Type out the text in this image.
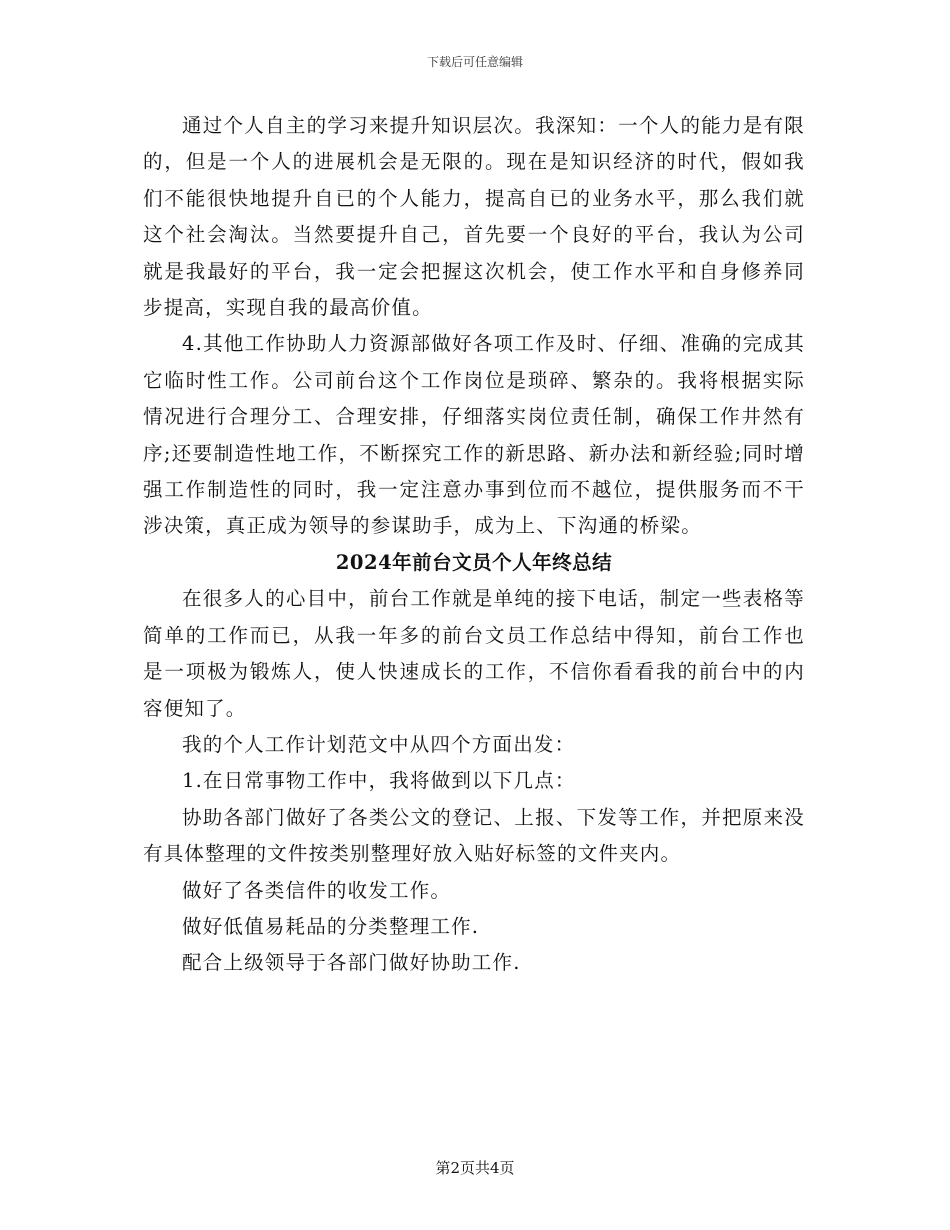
下载后可任意编辑

通过个人自主的学习来提升知识层次。我深知：一个人的能力是有限的，但是一个人的进展机会是无限的。现在是知识经济的时代，假如我们不能很快地提升自已的个人能力，提高自已的业务水平，那么我们就这个社会淘汰。当然要提升自己，首先要一个良好的平台，我认为公司就是我最好的平台，我一定会把握这次机会，使工作水平和自身修养同步提高，实现自我的最高价值。

4.其他工作协助人力资源部做好各项工作及时、仔细、准确的完成其它临时性工作。公司前台这个工作岗位是琐碎、繁杂的。我将根据实际情况进行合理分工、合理安排，仔细落实岗位责任制，确保工作井然有序;还要制造性地工作，不断探究工作的新思路、新办法和新经验;同时增强工作制造性的同时，我一定注意办事到位而不越位，提供服务而不干涉决策，真正成为领导的参谋助手，成为上、下沟通的桥梁。

2024年前台文员个人年终总结

在很多人的心目中，前台工作就是单纯的接下电话，制定一些表格等简单的工作而已，从我一年多的前台文员工作总结中得知，前台工作也是一项极为锻炼人，使人快速成长的工作，不信你看看我的前台中的内容便知了。

我的个人工作计划范文中从四个方面出发：

1.在日常事物工作中，我将做到以下几点：

协助各部门做好了各类公文的登记、上报、下发等工作，并把原来没有具体整理的文件按类别整理好放入贴好标签的文件夹内。

做好了各类信件的收发工作。

做好低值易耗品的分类整理工作.

配合上级领导于各部门做好协助工作.

第2页共4页
